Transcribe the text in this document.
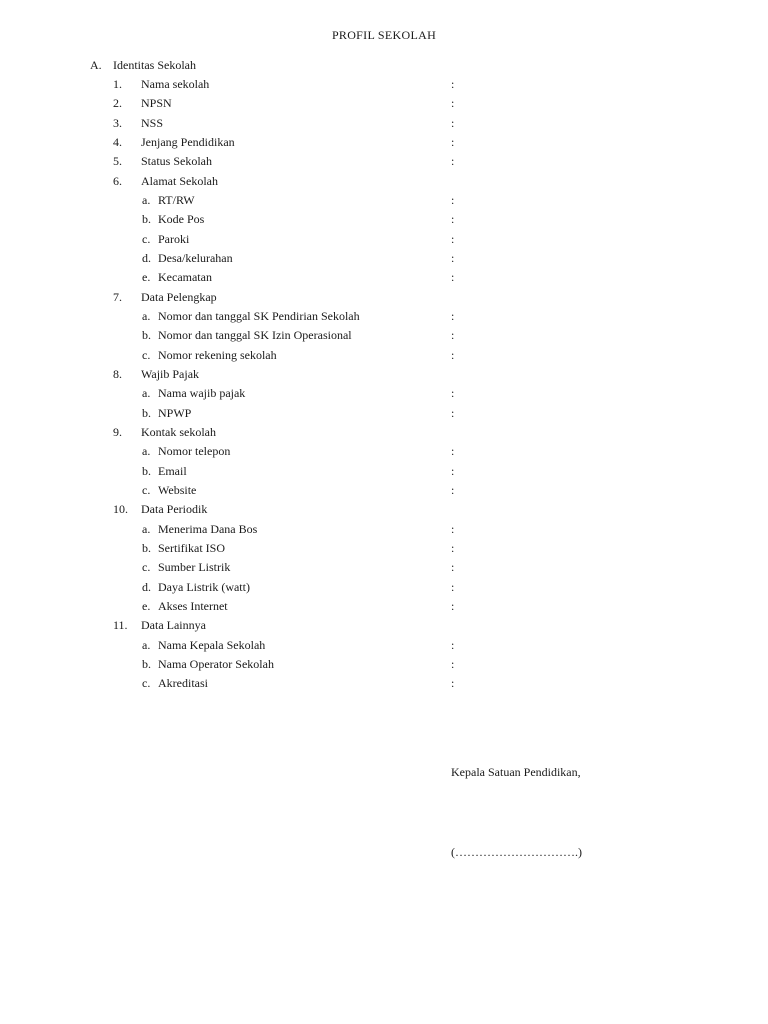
PROFIL SEKOLAH
A. Identitas Sekolah
1. Nama sekolah	:
2. NPSN	:
3. NSS	:
4. Jenjang Pendidikan	:
5. Status Sekolah	:
6. Alamat Sekolah
a. RT/RW	:
b. Kode Pos	:
c. Paroki	:
d. Desa/kelurahan	:
e. Kecamatan	:
7. Data Pelengkap
a. Nomor dan tanggal SK Pendirian Sekolah	:
b. Nomor dan tanggal SK Izin Operasional	:
c. Nomor rekening sekolah	:
8. Wajib Pajak
a. Nama wajib pajak	:
b. NPWP	:
9. Kontak sekolah
a. Nomor telepon	:
b. Email	:
c. Website	:
10. Data Periodik
a. Menerima Dana Bos	:
b. Sertifikat ISO	:
c. Sumber Listrik	:
d. Daya Listrik (watt)	:
e. Akses Internet	:
11. Data Lainnya
a. Nama Kepala Sekolah	:
b. Nama Operator Sekolah	:
c. Akreditasi	:
Kepala Satuan Pendidikan,
(………………………….)
